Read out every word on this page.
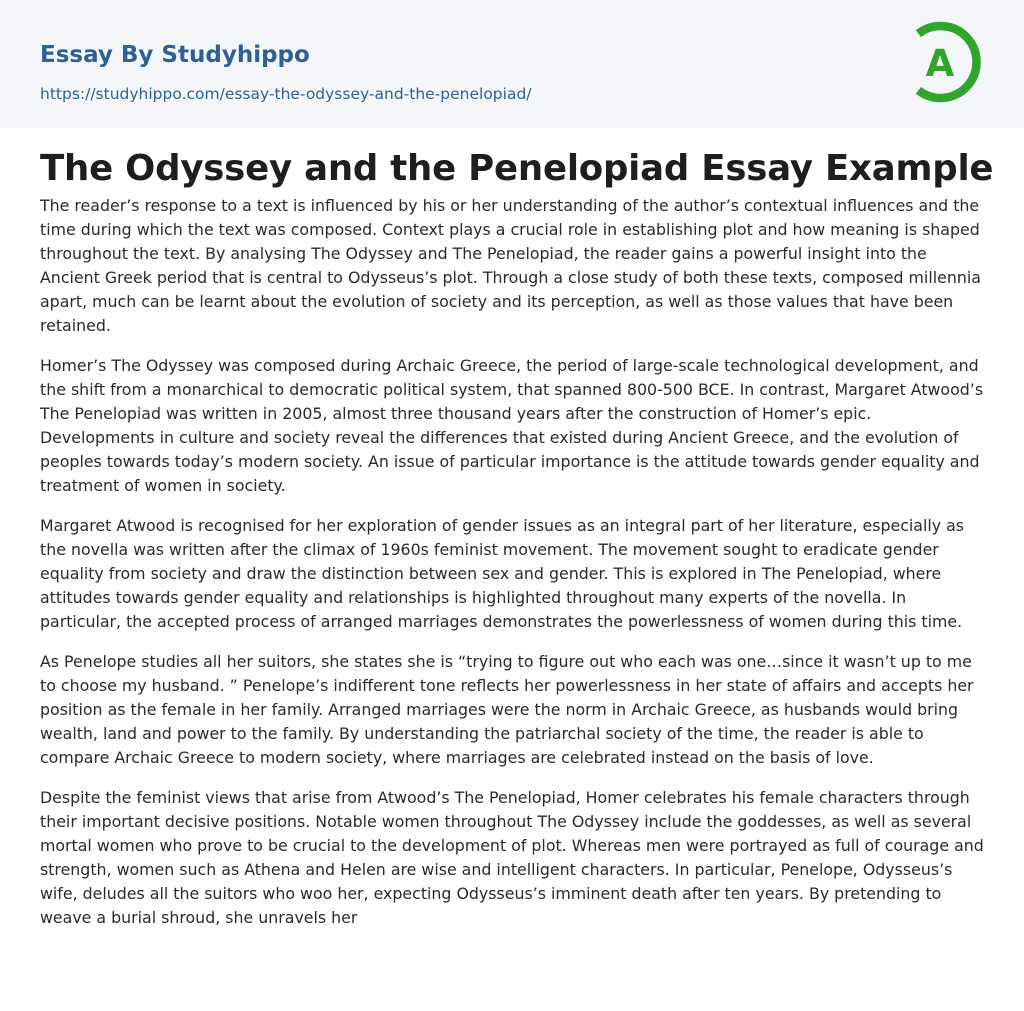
Essay By Studyhippo
https://studyhippo.com/essay-the-odyssey-and-the-penelopiad/
A
The Odyssey and the Penelopiad Essay Example

The reader’s response to a text is influenced by his or her understanding of the author’s contextual influences and the time during which the text was composed. Context plays a crucial role in establishing plot and how meaning is shaped throughout the text. By analysing The Odyssey and The Penelopiad, the reader gains a powerful insight into the Ancient Greek period that is central to Odysseus’s plot. Through a close study of both these texts, composed millennia apart, much can be learnt about the evolution of society and its perception, as well as those values that have been retained.

Homer’s The Odyssey was composed during Archaic Greece, the period of large-scale technological development, and the shift from a monarchical to democratic political system, that spanned 800-500 BCE. In contrast, Margaret Atwood’s The Penelopiad was written in 2005, almost three thousand years after the construction of Homer’s epic. Developments in culture and society reveal the differences that existed during Ancient Greece, and the evolution of peoples towards today’s modern society. An issue of particular importance is the attitude towards gender equality and treatment of women in society.

Margaret Atwood is recognised for her exploration of gender issues as an integral part of her literature, especially as the novella was written after the climax of 1960s feminist movement. The movement sought to eradicate gender equality from society and draw the distinction between sex and gender. This is explored in The Penelopiad, where attitudes towards gender equality and relationships is highlighted throughout many experts of the novella. In particular, the accepted process of arranged marriages demonstrates the powerlessness of women during this time.

As Penelope studies all her suitors, she states she is “trying to figure out who each was one…since it wasn’t up to me to choose my husband. ” Penelope’s indifferent tone reflects her powerlessness in her state of affairs and accepts her position as the female in her family. Arranged marriages were the norm in Archaic Greece, as husbands would bring wealth, land and power to the family. By understanding the patriarchal society of the time, the reader is able to compare Archaic Greece to modern society, where marriages are celebrated instead on the basis of love.

Despite the feminist views that arise from Atwood’s The Penelopiad, Homer celebrates his female characters through their important decisive positions. Notable women throughout The Odyssey include the goddesses, as well as several mortal women who prove to be crucial to the development of plot. Whereas men were portrayed as full of courage and strength, women such as Athena and Helen are wise and intelligent characters. In particular, Penelope, Odysseus’s wife, deludes all the suitors who woo her, expecting Odysseus’s imminent death after ten years. By pretending to weave a burial shroud, she unravels her
